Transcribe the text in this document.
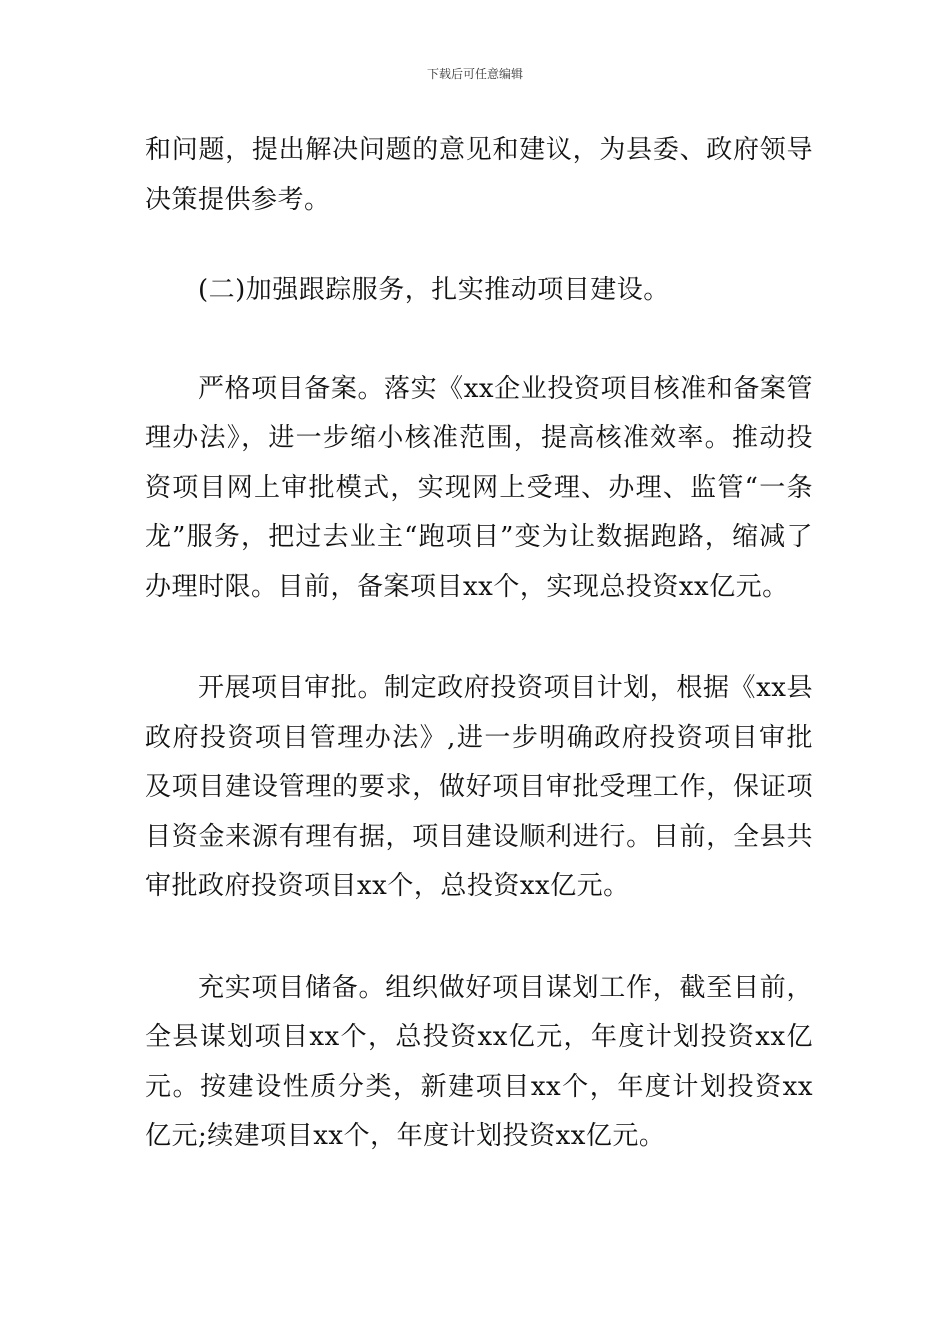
下载后可任意编辑

和问题，提出解决问题的意见和建议，为县委、政府领导决策提供参考。

(二)加强跟踪服务，扎实推动项目建设。

严格项目备案。落实《xx企业投资项目核准和备案管理办法》，进一步缩小核准范围，提高核准效率。推动投资项目网上审批模式，实现网上受理、办理、监管“一条龙”服务，把过去业主“跑项目”变为让数据跑路，缩减了办理时限。目前，备案项目xx个，实现总投资xx亿元。

开展项目审批。制定政府投资项目计划，根据《xx县政府投资项目管理办法》,进一步明确政府投资项目审批及项目建设管理的要求，做好项目审批受理工作，保证项目资金来源有理有据，项目建设顺利进行。目前，全县共审批政府投资项目xx个，总投资xx亿元。

充实项目储备。组织做好项目谋划工作，截至目前，全县谋划项目xx个，总投资xx亿元，年度计划投资xx亿元。按建设性质分类，新建项目xx个，年度计划投资xx亿元;续建项目xx个，年度计划投资xx亿元。
